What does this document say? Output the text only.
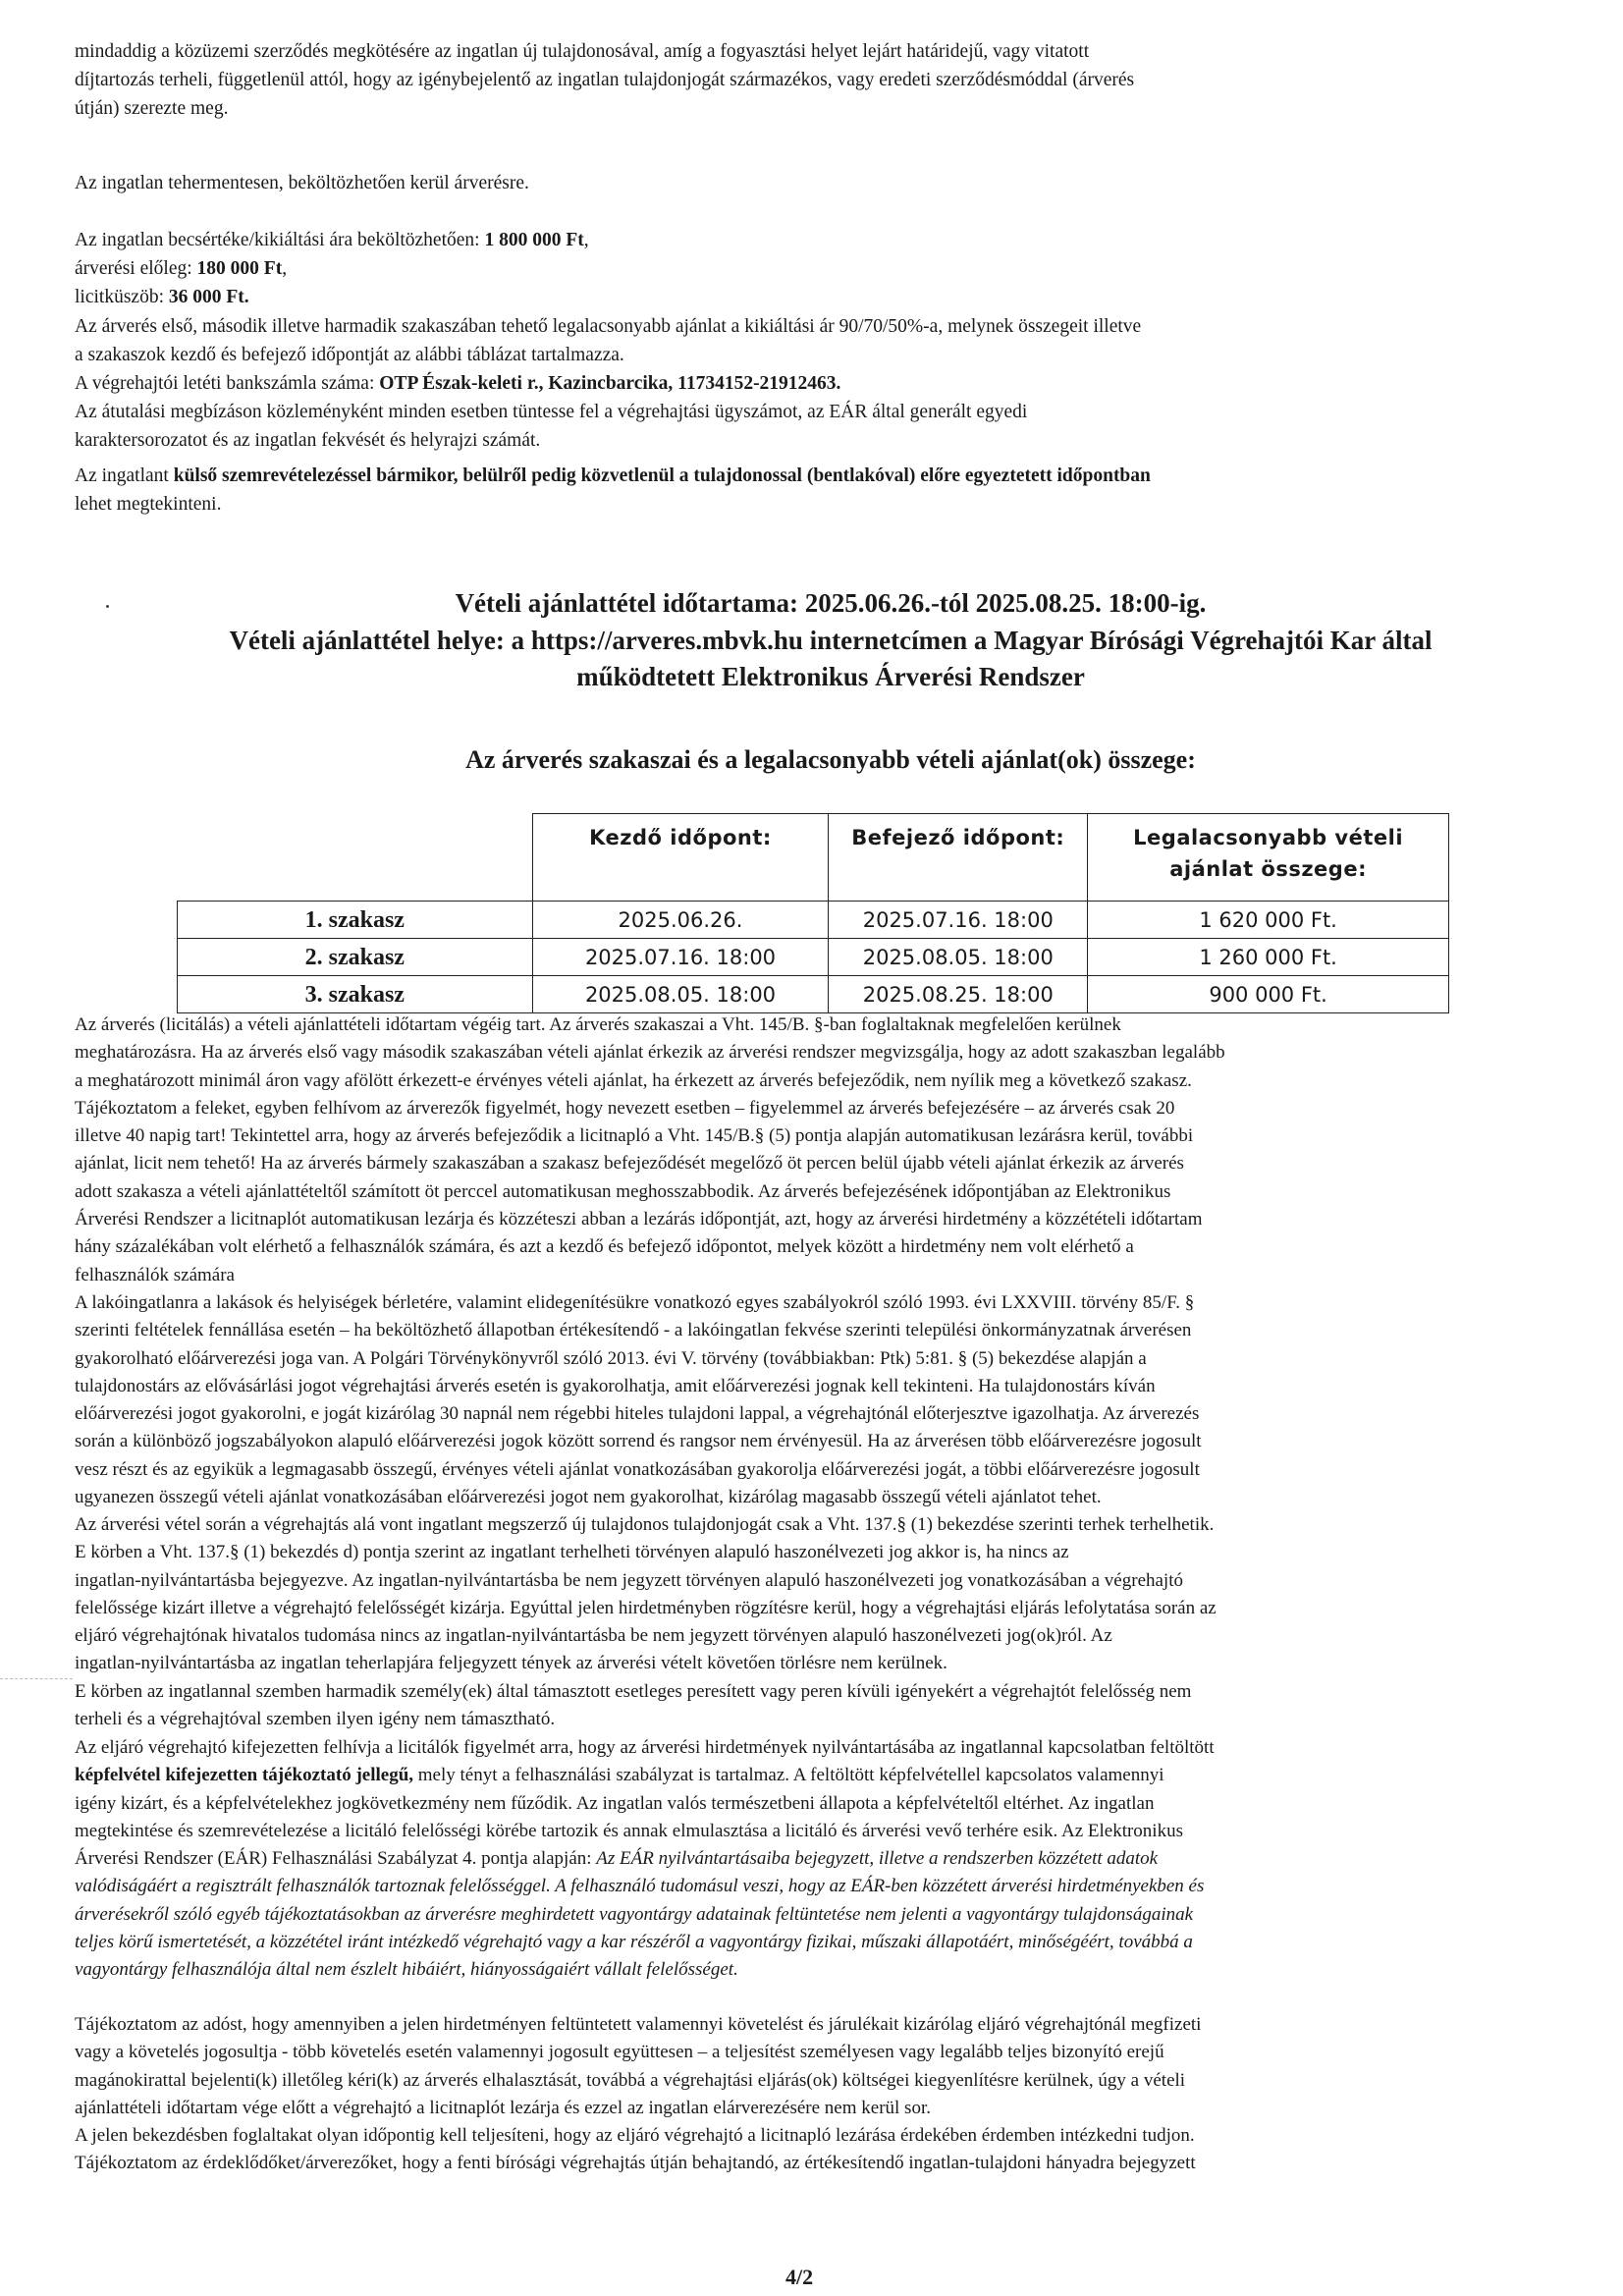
mindaddig a közüzemi szerződés megkötésére az ingatlan új tulajdonosával, amíg a fogyasztási helyet lejárt határidejű, vagy vitatott
díjtartozás terheli, függetlenül attól, hogy az igénybejelentő az ingatlan tulajdonjogát származékos, vagy eredeti szerződésmóddal (árverés
útján) szerezte meg.
Az ingatlan tehermentesen, beköltözhetően kerül árverésre.
Az ingatlan becsértéke/kikiáltási ára beköltözhetően: 1 800 000 Ft,
árverési előleg: 180 000 Ft,
licitküszöb: 36 000 Ft.
Az árverés első, második illetve harmadik szakaszában tehető legalacsonyabb ajánlat a kikiáltási ár 90/70/50%-a, melynek összegeit illetve
a szakaszok kezdő és befejező időpontját az alábbi táblázat tartalmazza.
A végrehajtói letéti bankszámla száma: OTP Észak-keleti r., Kazincbarcika, 11734152-21912463.
Az átutalási megbízáson közleményként minden esetben tüntesse fel a végrehajtási ügyszámot, az EÁR által generált egyedi
karaktersorozatot és az ingatlan fekvését és helyrajzi számát.
Az ingatlant külső szemrevételezéssel bármikor, belülről pedig közvetlenül a tulajdonossal (bentlakóval) előre egyeztetett időpontban
lehet megtekinteni.
Vételi ajánlattétel időtartama: 2025.06.26.-tól 2025.08.25. 18:00-ig.
Vételi ajánlattétel helye: a https://arveres.mbvk.hu internetcímen a Magyar Bírósági Végrehajtói Kar által
működtetett Elektronikus Árverési Rendszer
Az árverés szakaszai és a legalacsonyabb vételi ajánlat(ok) összege:
	Kezdő időpont:	Befejező időpont:	Legalacsonyabb vételi ajánlat összege:
1. szakasz	2025.06.26.	2025.07.16. 18:00	1 620 000 Ft.
2. szakasz	2025.07.16. 18:00	2025.08.05. 18:00	1 260 000 Ft.
3. szakasz	2025.08.05. 18:00	2025.08.25. 18:00	900 000 Ft.
Az árverés (licitálás) a vételi ajánlattételi időtartam végéig tart. Az árverés szakaszai a Vht. 145/B. §-ban foglaltaknak megfelelően kerülnek
meghatározásra. Ha az árverés első vagy második szakaszában vételi ajánlat érkezik az árverési rendszer megvizsgálja, hogy az adott szakaszban legalább
a meghatározott minimál áron vagy afölött érkezett-e érvényes vételi ajánlat, ha érkezett az árverés befejeződik, nem nyílik meg a következő szakasz.
Tájékoztatom a feleket, egyben felhívom az árverezők figyelmét, hogy nevezett esetben – figyelemmel az árverés befejezésére – az árverés csak 20
illetve 40 napig tart! Tekintettel arra, hogy az árverés befejeződik a licitnapló a Vht. 145/B.§ (5) pontja alapján automatikusan lezárásra kerül, további
ajánlat, licit nem tehető! Ha az árverés bármely szakaszában a szakasz befejeződését megelőző öt percen belül újabb vételi ajánlat érkezik az árverés
adott szakasza a vételi ajánlattételtől számított öt perccel automatikusan meghosszabbodik. Az árverés befejezésének időpontjában az Elektronikus
Árverési Rendszer a licitnaplót automatikusan lezárja és közzéteszi abban a lezárás időpontját, azt, hogy az árverési hirdetmény a közzétételi időtartam
hány százalékában volt elérhető a felhasználók számára, és azt a kezdő és befejező időpontot, melyek között a hirdetmény nem volt elérhető a
felhasználók számára
A lakóingatlanra a lakások és helyiségek bérletére, valamint elidegenítésükre vonatkozó egyes szabályokról szóló 1993. évi LXXVIII. törvény 85/F. §
szerinti feltételek fennállása esetén – ha beköltözhető állapotban értékesítendő - a lakóingatlan fekvése szerinti települési önkormányzatnak árverésen
gyakorolható előárverezési joga van. A Polgári Törvénykönyvről szóló 2013. évi V. törvény (továbbiakban: Ptk) 5:81. § (5) bekezdése alapján a
tulajdonostárs az elővásárlási jogot végrehajtási árverés esetén is gyakorolhatja, amit előárverezési jognak kell tekinteni. Ha tulajdonostárs kíván
előárverezési jogot gyakorolni, e jogát kizárólag 30 napnál nem régebbi hiteles tulajdoni lappal, a végrehajtónál előterjesztve igazolhatja. Az árverezés
során a különböző jogszabályokon alapuló előárverezési jogok között sorrend és rangsor nem érvényesül. Ha az árverésen több előárverezésre jogosult
vesz részt és az egyikük a legmagasabb összegű, érvényes vételi ajánlat vonatkozásában gyakorolja előárverezési jogát, a többi előárverezésre jogosult
ugyanezen összegű vételi ajánlat vonatkozásában előárverezési jogot nem gyakorolhat, kizárólag magasabb összegű vételi ajánlatot tehet.
Az árverési vétel során a végrehajtás alá vont ingatlant megszerző új tulajdonos tulajdonjogát csak a Vht. 137.§ (1) bekezdése szerinti terhek terhelhetik.
E körben a Vht. 137.§ (1) bekezdés d) pontja szerint az ingatlant terhelheti törvényen alapuló haszonélvezeti jog akkor is, ha nincs az
ingatlan-nyilvántartásba bejegyezve. Az ingatlan-nyilvántartásba be nem jegyzett törvényen alapuló haszonélvezeti jog vonatkozásában a végrehajtó
felelőssége kizárt illetve a végrehajtó felelősségét kizárja. Egyúttal jelen hirdetményben rögzítésre kerül, hogy a végrehajtási eljárás lefolytatása során az
eljáró végrehajtónak hivatalos tudomása nincs az ingatlan-nyilvántartásba be nem jegyzett törvényen alapuló haszonélvezeti jog(ok)ról. Az
ingatlan-nyilvántartásba az ingatlan teherlapjára feljegyzett tények az árverési vételt követően törlésre nem kerülnek.
E körben az ingatlannal szemben harmadik személy(ek) által támasztott esetleges peresített vagy peren kívüli igényekért a végrehajtót felelősség nem
terheli és a végrehajtóval szemben ilyen igény nem támasztható.
Az eljáró végrehajtó kifejezetten felhívja a licitálók figyelmét arra, hogy az árverési hirdetmények nyilvántartásába az ingatlannal kapcsolatban feltöltött
képfelvétel kifejezetten tájékoztató jellegű, mely tényt a felhasználási szabályzat is tartalmaz. A feltöltött képfelvétellel kapcsolatos valamennyi
igény kizárt, és a képfelvételekhez jogkövetkezmény nem fűződik. Az ingatlan valós természetbeni állapota a képfelvételtől eltérhet. Az ingatlan
megtekintése és szemrevételezése a licitáló felelősségi körébe tartozik és annak elmulasztása a licitáló és árverési vevő terhére esik. Az Elektronikus
Árverési Rendszer (EÁR) Felhasználási Szabályzat 4. pontja alapján: Az EÁR nyilvántartásaiba bejegyzett, illetve a rendszerben közzétett adatok
valódiságáért a regisztrált felhasználók tartoznak felelősséggel. A felhasználó tudomásul veszi, hogy az EÁR-ben közzétett árverési hirdetményekben és
árverésekről szóló egyéb tájékoztatásokban az árverésre meghirdetett vagyontárgy adatainak feltüntetése nem jelenti a vagyontárgy tulajdonságainak
teljes körű ismertetését, a közzététel iránt intézkedő végrehajtó vagy a kar részéről a vagyontárgy fizikai, műszaki állapotáért, minőségéért, továbbá a
vagyontárgy felhasználója által nem észlelt hibáiért, hiányosságaiért vállalt felelősséget.
Tájékoztatom az adóst, hogy amennyiben a jelen hirdetményen feltüntetett valamennyi követelést és járulékait kizárólag eljáró végrehajtónál megfizeti
vagy a követelés jogosultja - több követelés esetén valamennyi jogosult együttesen – a teljesítést személyesen vagy legalább teljes bizonyító erejű
magánokirattal bejelenti(k) illetőleg kéri(k) az árverés elhalasztását, továbbá a végrehajtási eljárás(ok) költségei kiegyenlítésre kerülnek, úgy a vételi
ajánlattételi időtartam vége előtt a végrehajtó a licitnaplót lezárja és ezzel az ingatlan elárverezésére nem kerül sor.
A jelen bekezdésben foglaltakat olyan időpontig kell teljesíteni, hogy az eljáró végrehajtó a licitnapló lezárása érdekében érdemben intézkedni tudjon.
Tájékoztatom az érdeklődőket/árverezőket, hogy a fenti bírósági végrehajtás útján behajtandó, az értékesítendő ingatlan-tulajdoni hányadra bejegyzett
4/2
